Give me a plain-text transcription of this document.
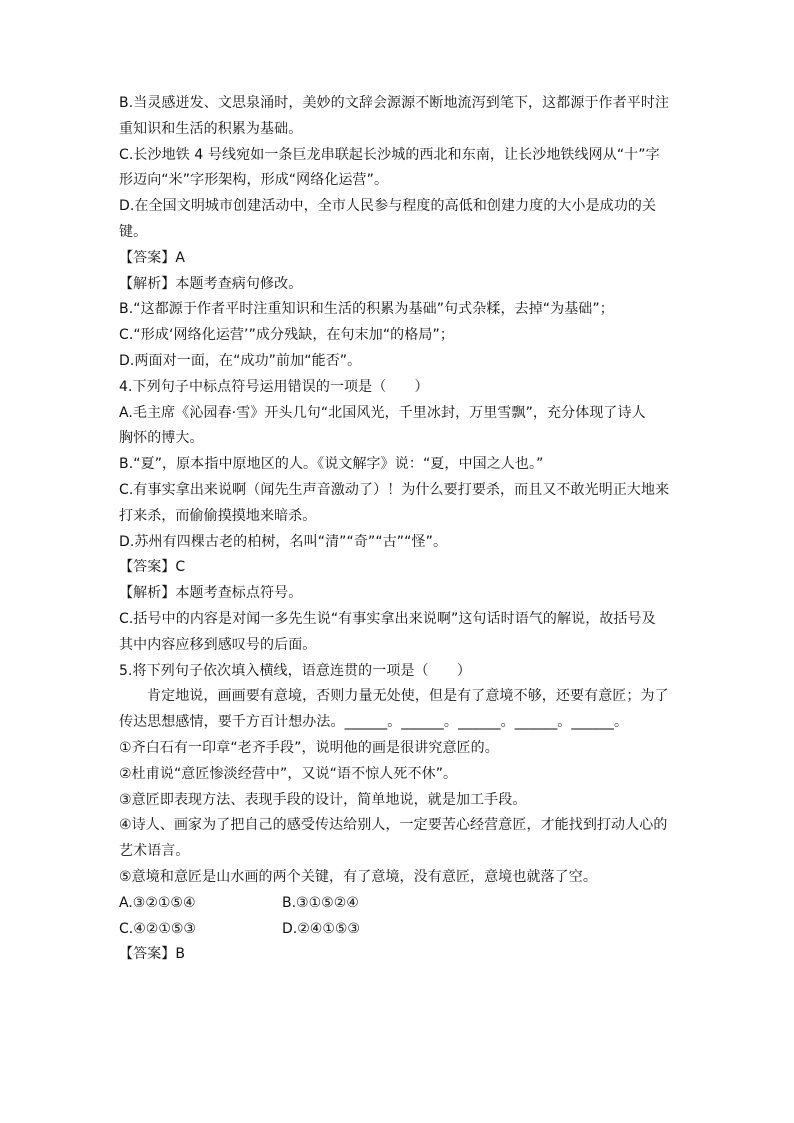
B.当灵感迸发、文思泉涌时，美妙的文辞会源源不断地流泻到笔下，这都源于作者平时注
重知识和生活的积累为基础。
C.长沙地铁 4 号线宛如一条巨龙串联起长沙城的西北和东南，让长沙地铁线网从“十”字
形迈向“米”字形架构，形成“网络化运营”。
D.在全国文明城市创建活动中，全市人民参与程度的高低和创建力度的大小是成功的关
键。
【答案】A
【解析】本题考查病句修改。
B.“这都源于作者平时注重知识和生活的积累为基础”句式杂糅，去掉“为基础”；
C.“形成‘网络化运营’”成分残缺，在句末加“的格局”；
D.两面对一面，在“成功”前加“能否”。
4.下列句子中标点符号运用错误的一项是（　　）
A.毛主席《沁园春·雪》开头几句“北国风光，千里冰封，万里雪飘”，充分体现了诗人
胸怀的博大。
B.“夏”，原本指中原地区的人。《说文解字》说：“夏，中国之人也。”
C.有事实拿出来说啊（闻先生声音激动了）！为什么要打要杀，而且又不敢光明正大地来
打来杀，而偷偷摸摸地来暗杀。
D.苏州有四棵古老的柏树，名叫“清”“奇”“古”“怪”。
【答案】C
【解析】本题考查标点符号。
C.括号中的内容是对闻一多先生说“有事实拿出来说啊”这句话时语气的解说，故括号及
其中内容应移到感叹号的后面。
5.将下列句子依次填入横线，语意连贯的一项是（　　）
肯定地说，画画要有意境，否则力量无处使，但是有了意境不够，还要有意匠；为了
传达思想感情，要千方百计想办法。______。______。______。______。______。
①齐白石有一印章“老齐手段”，说明他的画是很讲究意匠的。
②杜甫说“意匠惨淡经营中”，又说“语不惊人死不休”。
③意匠即表现方法、表现手段的设计，简单地说，就是加工手段。
④诗人、画家为了把自己的感受传达给别人，一定要苦心经营意匠，才能找到打动人心的
艺术语言。
⑤意境和意匠是山水画的两个关键，有了意境，没有意匠，意境也就落了空。
A.③②①⑤④	B.③①⑤②④
C.④②①⑤③	D.②④①⑤③
【答案】B
